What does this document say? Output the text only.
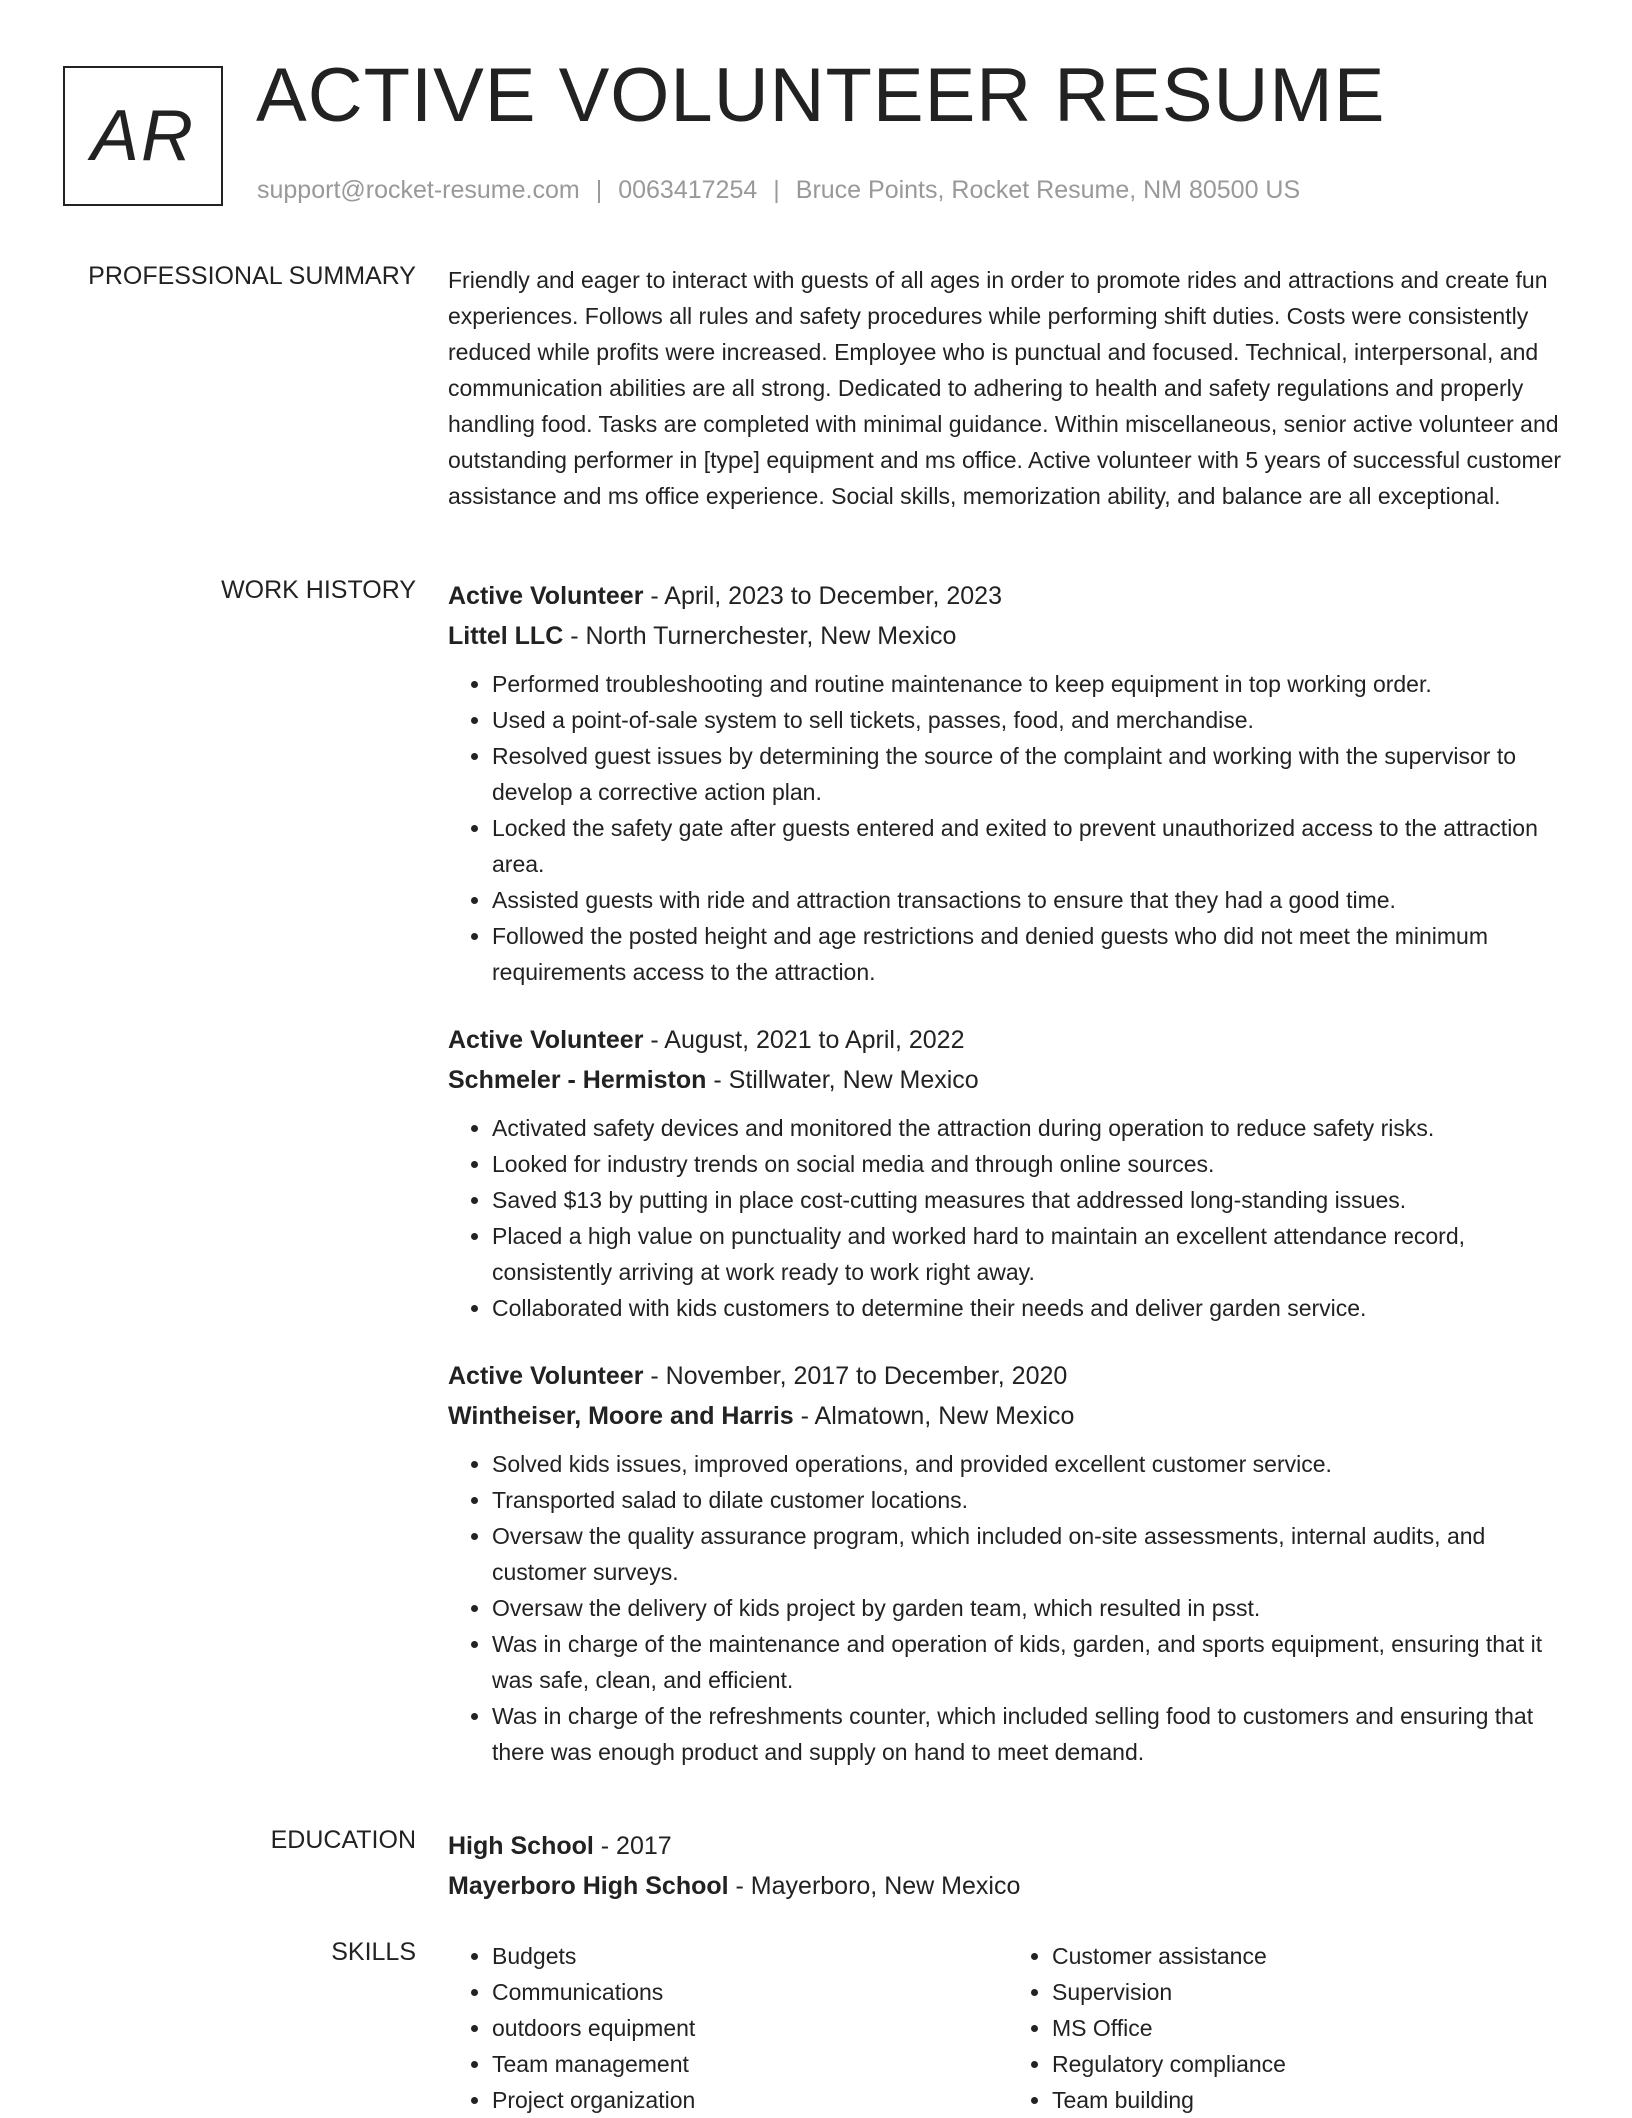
AR ACTIVE VOLUNTEER RESUME
support@rocket-resume.com | 0063417254 | Bruce Points, Rocket Resume, NM 80500 US
PROFESSIONAL SUMMARY Friendly and eager to interact with guests of all ages in order to promote rides and attractions and create fun experiences. Follows all rules and safety procedures while performing shift duties. Costs were consistently reduced while profits were increased. Employee who is punctual and focused. Technical, interpersonal, and communication abilities are all strong. Dedicated to adhering to health and safety regulations and properly handling food. Tasks are completed with minimal guidance. Within miscellaneous, senior active volunteer and outstanding performer in [type] equipment and ms office. Active volunteer with 5 years of successful customer assistance and ms office experience. Social skills, memorization ability, and balance are all exceptional.

WORK HISTORY Active Volunteer - April, 2023 to December, 2023

Littel LLC - North Turnerchester, New Mexico

• Performed troubleshooting and routine maintenance to keep equipment in top working order.
• Used a point-of-sale system to sell tickets, passes, food, and merchandise.
• Resolved guest issues by determining the source of the complaint and working with the supervisor to develop a corrective action plan.
• Locked the safety gate after guests entered and exited to prevent unauthorized access to the attraction area.
• Assisted guests with ride and attraction transactions to ensure that they had a good time.
• Followed the posted height and age restrictions and denied guests who did not meet the minimum requirements access to the attraction.

Active Volunteer - August, 2021 to April, 2022

Schmeler - Hermiston - Stillwater, New Mexico

• Activated safety devices and monitored the attraction during operation to reduce safety risks.
• Looked for industry trends on social media and through online sources.
• Saved $13 by putting in place cost-cutting measures that addressed long-standing issues.
• Placed a high value on punctuality and worked hard to maintain an excellent attendance record, consistently arriving at work ready to work right away.
• Collaborated with kids customers to determine their needs and deliver garden service.

Active Volunteer - November, 2017 to December, 2020

Wintheiser, Moore and Harris - Almatown, New Mexico

• Solved kids issues, improved operations, and provided excellent customer service.
• Transported salad to dilate customer locations.
• Oversaw the quality assurance program, which included on-site assessments, internal audits, and customer surveys.
• Oversaw the delivery of kids project by garden team, which resulted in psst.
• Was in charge of the maintenance and operation of kids, garden, and sports equipment, ensuring that it was safe, clean, and efficient.
• Was in charge of the refreshments counter, which included selling food to customers and ensuring that there was enough product and supply on hand to meet demand.
EDUCATION High School - 2017

Mayerboro High School - Mayerboro, New Mexico

SKILLS
•	Budgets
• Communications
• outdoors equipment
• Team management
• Project organization
• Customer assistance
• Supervision
• MS Office
• Regulatory compliance
• Team building
